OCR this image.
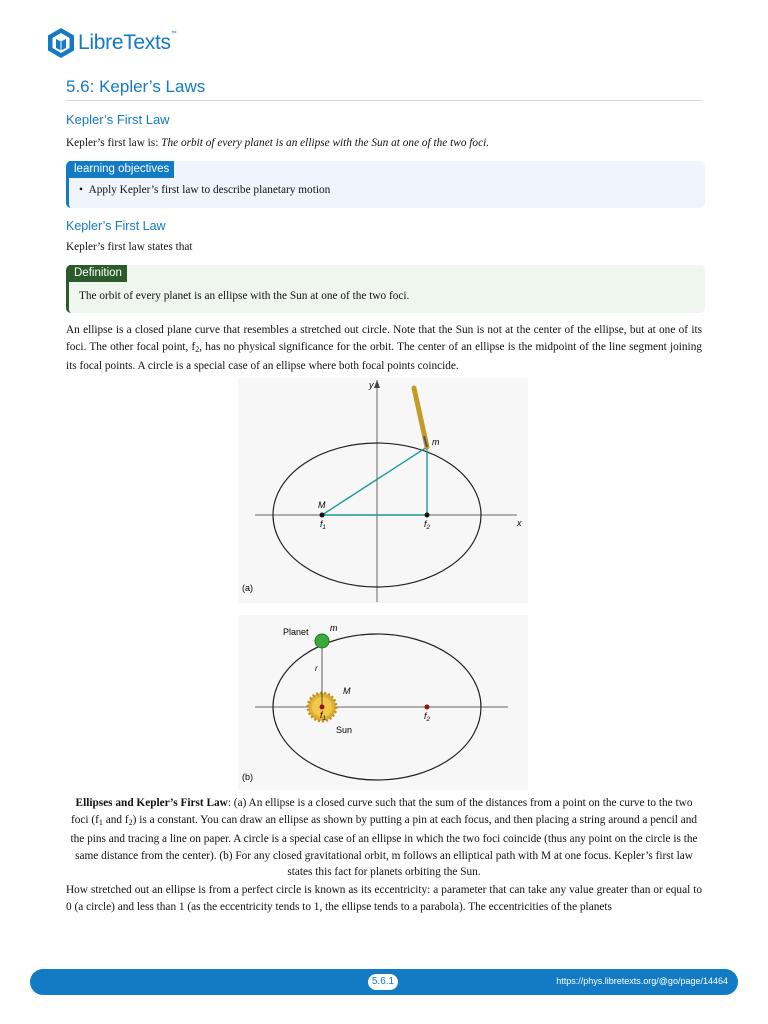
LibreTexts™
5.6: Kepler’s Laws
Kepler’s First Law

Kepler’s first law is: The orbit of every planet is an ellipse with the Sun at one of the two foci.

learning objectives
•  Apply Kepler’s first law to describe planetary motion
Kepler’s First Law

Kepler’s first law states that

Definition
The orbit of every planet is an ellipse with the Sun at one of the two foci.

An ellipse is a closed plane curve that resembles a stretched out circle. Note that the Sun is not at the center of the ellipse, but at one of its foci. The other focal point, $f_2$, has no physical significance for the orbit. The center of an ellipse is the midpoint of the line segment joining its focal points. A circle is a special case of an ellipse where both focal points coincide.

y
x
m
M
$f_1$	$f_2$
(a)
Planet m
r
M
$f_1$	$f_2$
Sun
(b)

Ellipses and Kepler’s First Law: (a) An ellipse is a closed curve such that the sum of the distances from a point on the curve to the two foci ($f_1$ and $f_2$) is a constant. You can draw an ellipse as shown by putting a pin at each focus, and then placing a string around a pencil and the pins and tracing a line on paper. A circle is a special case of an ellipse in which the two foci coincide (thus any point on the circle is the same distance from the center). (b) For any closed gravitational orbit, m follows an elliptical path with M at one focus. Kepler’s first law states this fact for planets orbiting the Sun.

How stretched out an ellipse is from a perfect circle is known as its eccentricity: a parameter that can take any value greater than or equal to 0 (a circle) and less than 1 (as the eccentricity tends to 1, the ellipse tends to a parabola). The eccentricities of the planets

5.6.1	https://phys.libretexts.org/@go/page/14464
